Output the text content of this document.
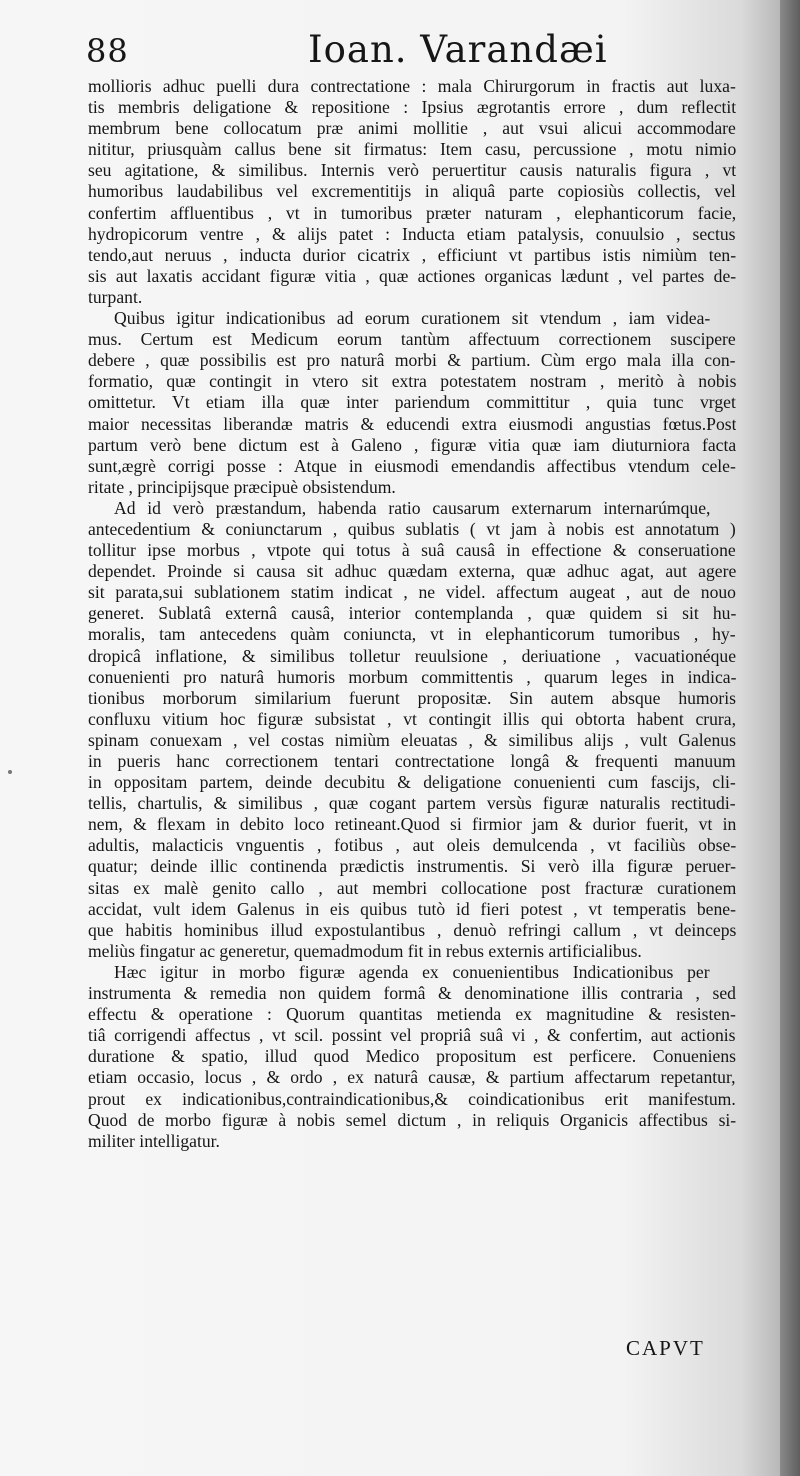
88	Ioan. Varandæi
mollioris adhuc puelli dura contrectatione : mala Chirurgorum in fractis aut luxa-
tis membris deligatione & repositione : Ipsius ægrotantis errore , dum reflectit
membrum bene collocatum præ animi mollitie , aut vsui alicui accommodare
nititur, priusquàm callus bene sit firmatus: Item casu, percussione , motu nimio
seu agitatione, & similibus. Internis verò peruertitur causis naturalis figura , vt
humoribus laudabilibus vel excrementitijs in aliquâ parte copiosiùs collectis, vel
confertim affluentibus , vt in tumoribus præter naturam , elephanticorum facie,
hydropicorum ventre , & alijs patet : Inducta etiam patalysis, conuulsio , sectus
tendo,aut neruus , inducta durior cicatrix , efficiunt vt partibus istis nimiùm ten-
sis aut laxatis accidant figuræ vitia , quæ actiones organicas lædunt , vel partes de-
turpant.
Quibus igitur indicationibus ad eorum curationem sit vtendum , iam videa-
mus. Certum est Medicum eorum tantùm affectuum correctionem suscipere
debere , quæ possibilis est pro naturâ morbi & partium. Cùm ergo mala illa con-
formatio, quæ contingit in vtero sit extra potestatem nostram , meritò à nobis
omittetur. Vt etiam illa quæ inter pariendum committitur , quia tunc vrget
maior necessitas liberandæ matris & educendi extra eiusmodi angustias fœtus.Post
partum verò bene dictum est à Galeno , figuræ vitia quæ iam diuturniora facta
sunt,ægrè corrigi posse : Atque in eiusmodi emendandis affectibus vtendum cele-
ritate , principijsque præcipuè obsistendum.
Ad id verò præstandum, habenda ratio causarum externarum internarúmque,
antecedentium & coniunctarum , quibus sublatis ( vt jam à nobis est annotatum )
tollitur ipse morbus , vtpote qui totus à suâ causâ in effectione & conseruatione
dependet. Proinde si causa sit adhuc quædam externa, quæ adhuc agat, aut agere
sit parata,sui sublationem statim indicat , ne videl. affectum augeat , aut de nouo
generet. Sublatâ externâ causâ, interior contemplanda , quæ quidem si sit hu-
moralis, tam antecedens quàm coniuncta, vt in elephanticorum tumoribus , hy-
dropicâ inflatione, & similibus tolletur reuulsione , deriuatione , vacuationéque
conuenienti pro naturâ humoris morbum committentis , quarum leges in indica-
tionibus morborum similarium fuerunt propositæ. Sin autem absque humoris
confluxu vitium hoc figuræ subsistat , vt contingit illis qui obtorta habent crura,
spinam conuexam , vel costas nimiùm eleuatas , & similibus alijs , vult Galenus
in pueris hanc correctionem tentari contrectatione longâ & frequenti manuum
in oppositam partem, deinde decubitu & deligatione conuenienti cum fascijs, cli-
tellis, chartulis, & similibus , quæ cogant partem versùs figuræ naturalis rectitudi-
nem, & flexam in debito loco retineant.Quod si firmior jam & durior fuerit, vt in
adultis, malacticis vnguentis , fotibus , aut oleis demulcenda , vt faciliùs obse-
quatur; deinde illic continenda prædictis instrumentis. Si verò illa figuræ peruer-
sitas ex malè genito callo , aut membri collocatione post fracturæ curationem
accidat, vult idem Galenus in eis quibus tutò id fieri potest , vt temperatis bene-
que habitis hominibus illud expostulantibus , denuò refringi callum , vt deinceps
meliùs fingatur ac generetur, quemadmodum fit in rebus externis artificialibus.
Hæc igitur in morbo figuræ agenda ex conuenientibus Indicationibus per
instrumenta & remedia non quidem formâ & denominatione illis contraria , sed
effectu & operatione : Quorum quantitas metienda ex magnitudine & resisten-
tiâ corrigendi affectus , vt scil. possint vel propriâ suâ vi , & confertim, aut actionis
duratione & spatio, illud quod Medico propositum est perficere. Conueniens
etiam occasio, locus , & ordo , ex naturâ causæ, & partium affectarum repetantur,
prout ex indicationibus,contraindicationibus,& coindicationibus erit manifestum.
Quod de morbo figuræ à nobis semel dictum , in reliquis Organicis affectibus si-
militer intelligatur.
CAPVT
